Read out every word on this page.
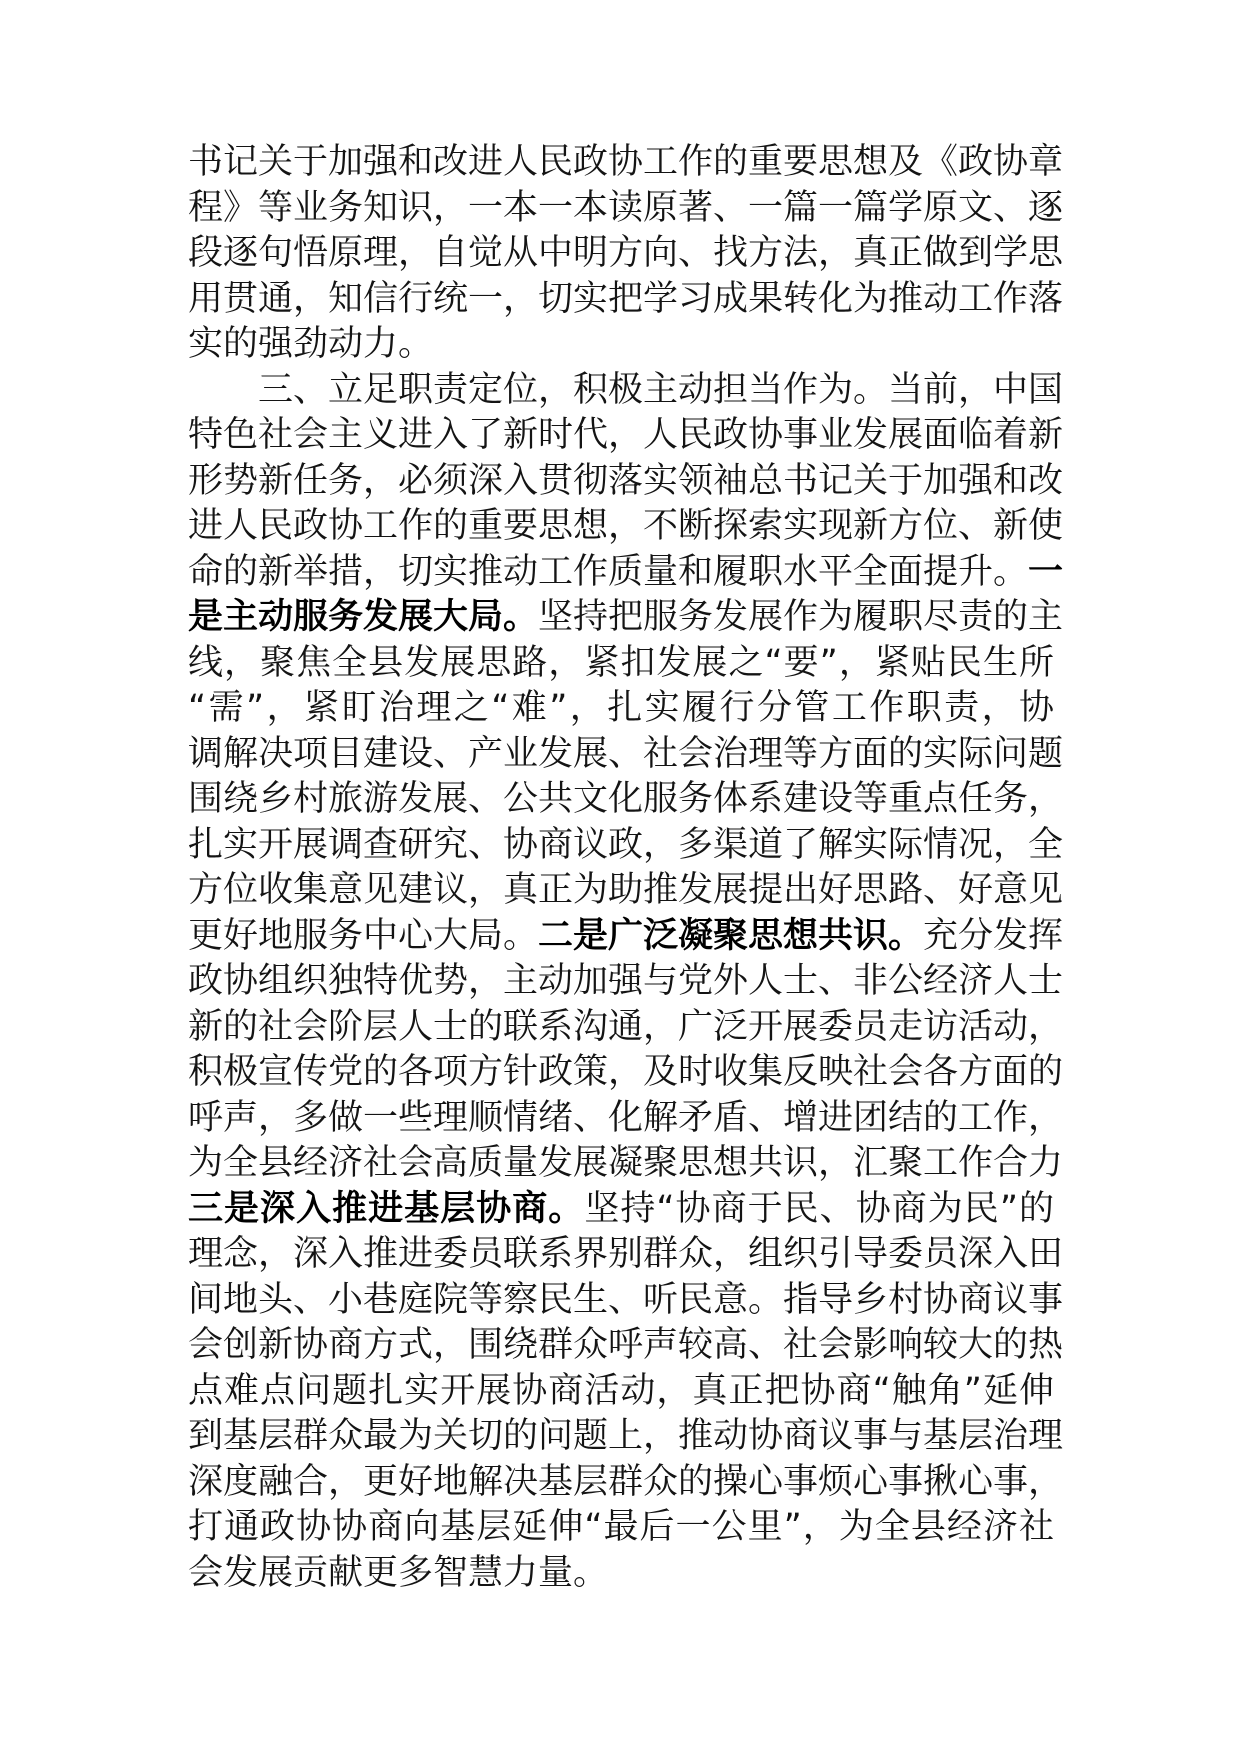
书记关于加强和改进人民政协工作的重要思想及《政协章
程》等业务知识，一本一本读原著、一篇一篇学原文、逐
段逐句悟原理，自觉从中明方向、找方法，真正做到学思
用贯通，知信行统一，切实把学习成果转化为推动工作落
实的强劲动力。

三、立足职责定位，积极主动担当作为。当前，中国
特色社会主义进入了新时代，人民政协事业发展面临着新
形势新任务，必须深入贯彻落实领袖总书记关于加强和改
进人民政协工作的重要思想，不断探索实现新方位、新使
命的新举措，切实推动工作质量和履职水平全面提升。一
是主动服务发展大局。坚持把服务发展作为履职尽责的主
线，聚焦全县发展思路，紧扣发展之“要”，紧贴民生所
“需”，紧盯治理之“难”，扎实履行分管工作职责，协
调解决项目建设、产业发展、社会治理等方面的实际问题
围绕乡村旅游发展、公共文化服务体系建设等重点任务，
扎实开展调查研究、协商议政，多渠道了解实际情况，全
方位收集意见建议，真正为助推发展提出好思路、好意见
更好地服务中心大局。二是广泛凝聚思想共识。充分发挥
政协组织独特优势，主动加强与党外人士、非公经济人士
新的社会阶层人士的联系沟通，广泛开展委员走访活动，
积极宣传党的各项方针政策，及时收集反映社会各方面的
呼声，多做一些理顺情绪、化解矛盾、增进团结的工作，
为全县经济社会高质量发展凝聚思想共识，汇聚工作合力
三是深入推进基层协商。坚持“协商于民、协商为民”的
理念，深入推进委员联系界别群众，组织引导委员深入田
间地头、小巷庭院等察民生、听民意。指导乡村协商议事
会创新协商方式，围绕群众呼声较高、社会影响较大的热
点难点问题扎实开展协商活动，真正把协商“触角”延伸
到基层群众最为关切的问题上，推动协商议事与基层治理
深度融合，更好地解决基层群众的操心事烦心事揪心事，
打通政协协商向基层延伸“最后一公里”，为全县经济社
会发展贡献更多智慧力量。
